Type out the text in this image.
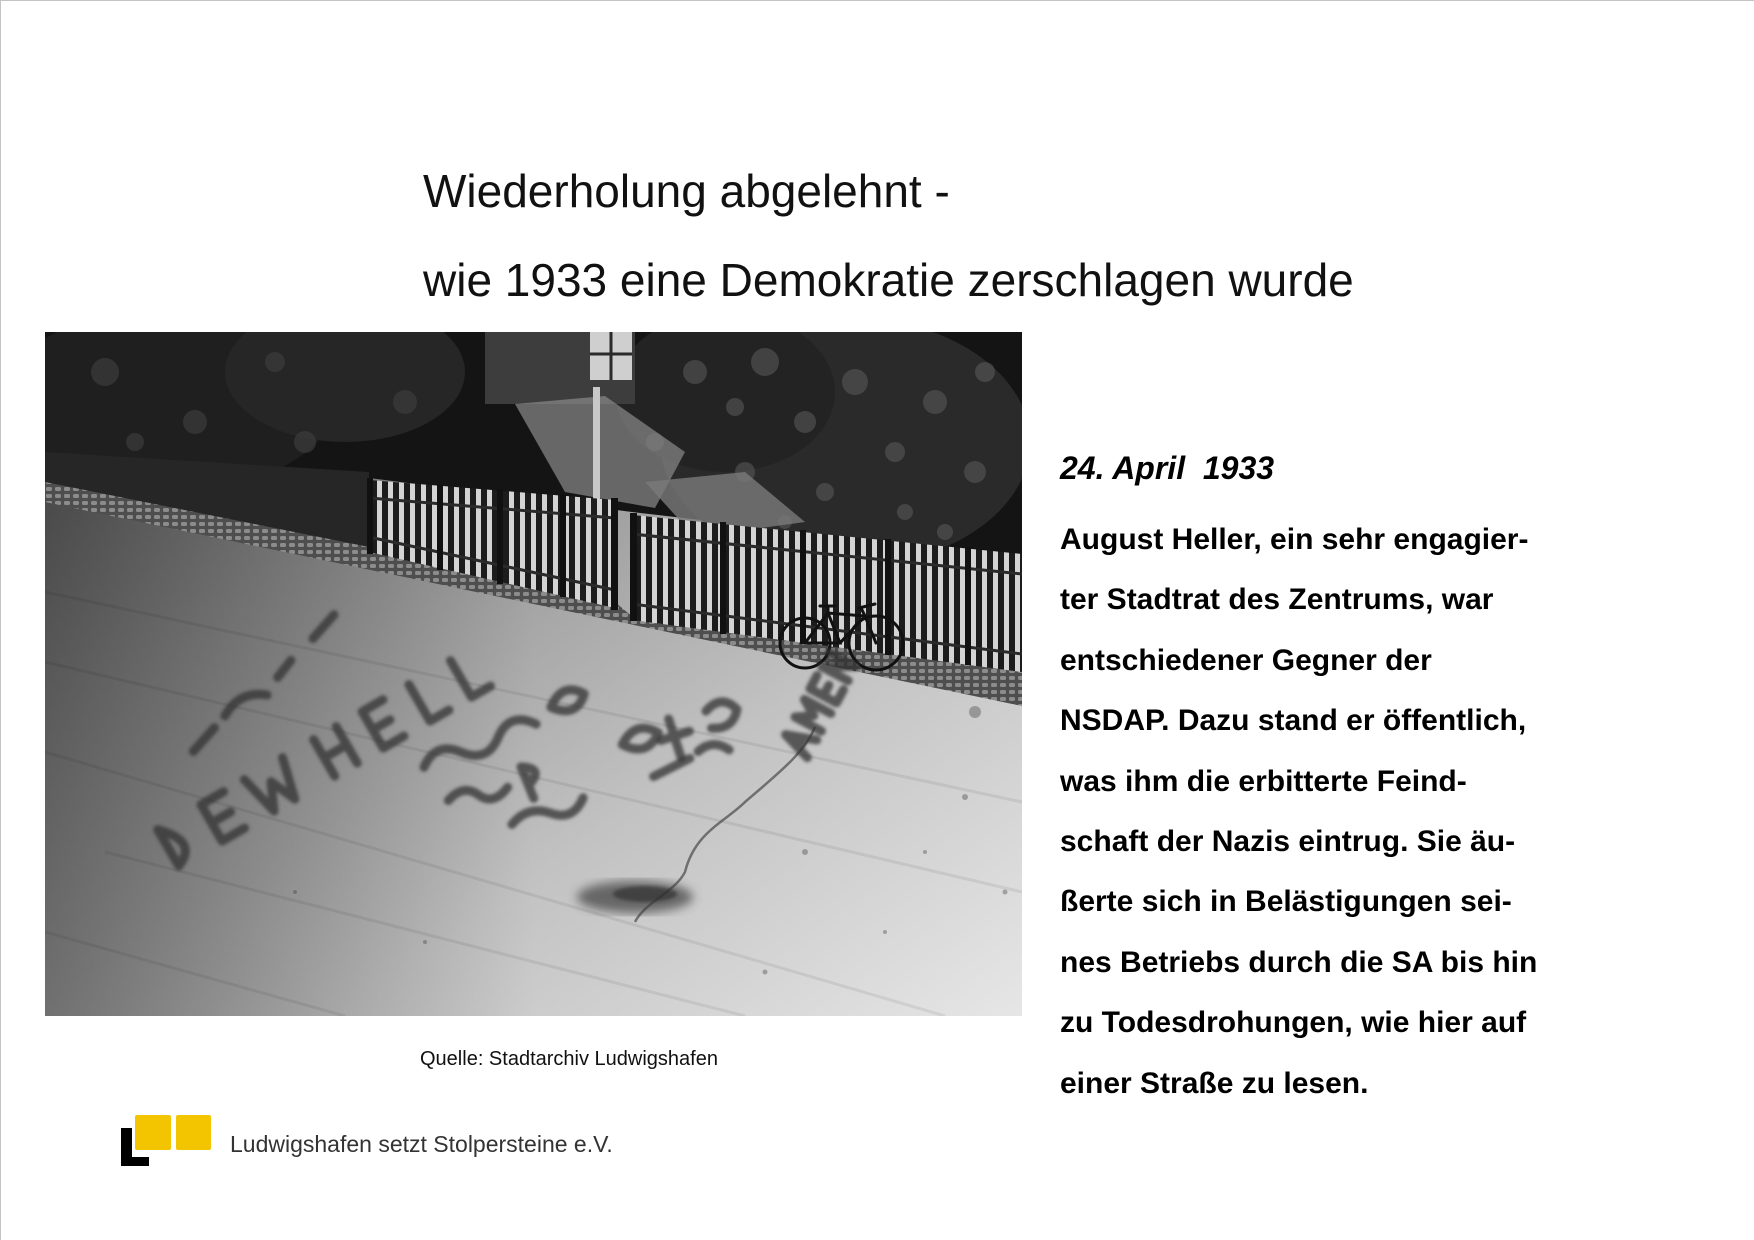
Wiederholung abgelehnt -
wie 1933 eine Demokratie zerschlagen wurde
Quelle: Stadtarchiv Ludwigshafen
24. April  1933
August Heller, ein sehr engagier-
ter Stadtrat des Zentrums, war
entschiedener Gegner der
NSDAP. Dazu stand er öffentlich,
was ihm die erbitterte Feind-
schaft der Nazis eintrug. Sie äu-
ßerte sich in Belästigungen sei-
nes Betriebs durch die SA bis hin
zu Todesdrohungen, wie hier auf
einer Straße zu lesen.
Ludwigshafen setzt Stolpersteine e.V.
